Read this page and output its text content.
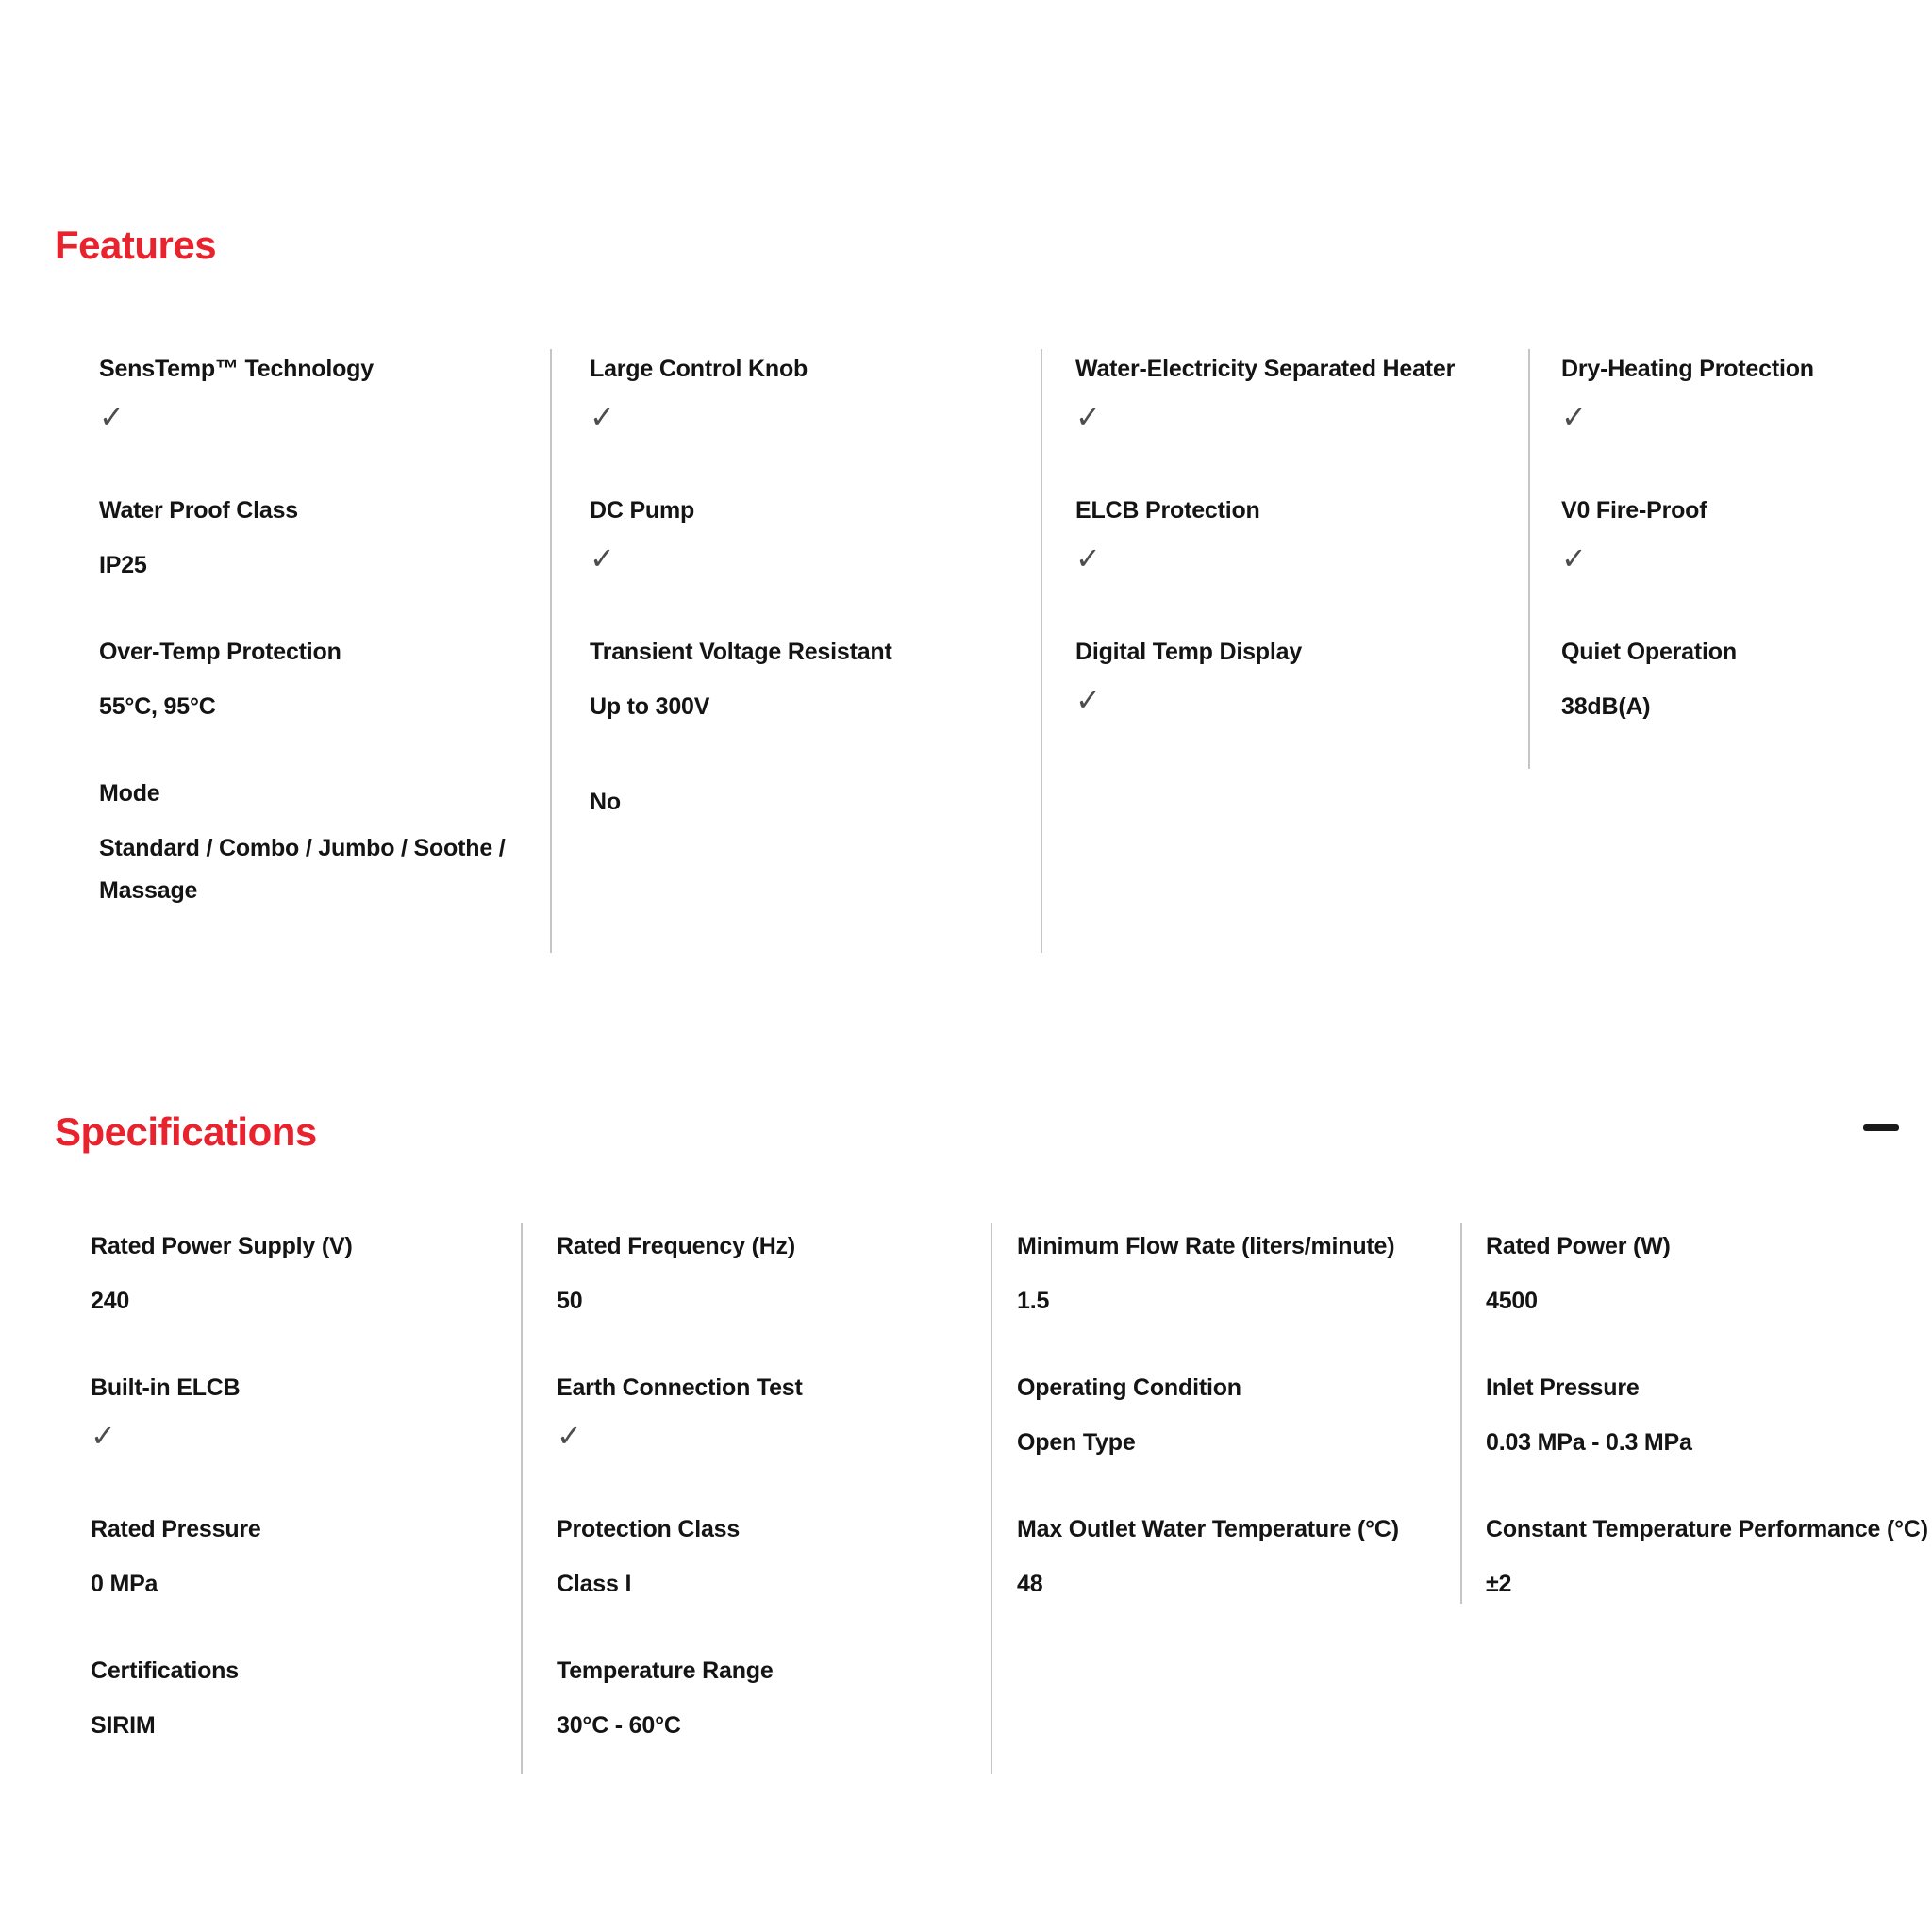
Features
SensTemp™ Technology
✓
Water Proof Class
IP25
Over-Temp Protection
55°C, 95°C
Mode
Standard / Combo / Jumbo / Soothe / Massage
Large Control Knob
✓
DC Pump
✓
Transient Voltage Resistant
Up to 300V
No
Water-Electricity Separated Heater
✓
ELCB Protection
✓
Digital Temp Display
✓
Dry-Heating Protection
✓
V0 Fire-Proof
✓
Quiet Operation
38dB(A)
Specifications
Rated Power Supply (V)
240
Built-in ELCB
✓
Rated Pressure
0 MPa
Certifications
SIRIM
Rated Frequency (Hz)
50
Earth Connection Test
✓
Protection Class
Class I
Temperature Range
30°C - 60°C
Minimum Flow Rate (liters/minute)
1.5
Operating Condition
Open Type
Max Outlet Water Temperature (°C)
48
Rated Power (W)
4500
Inlet Pressure
0.03 MPa - 0.3 MPa
Constant Temperature Performance (°C)
±2
